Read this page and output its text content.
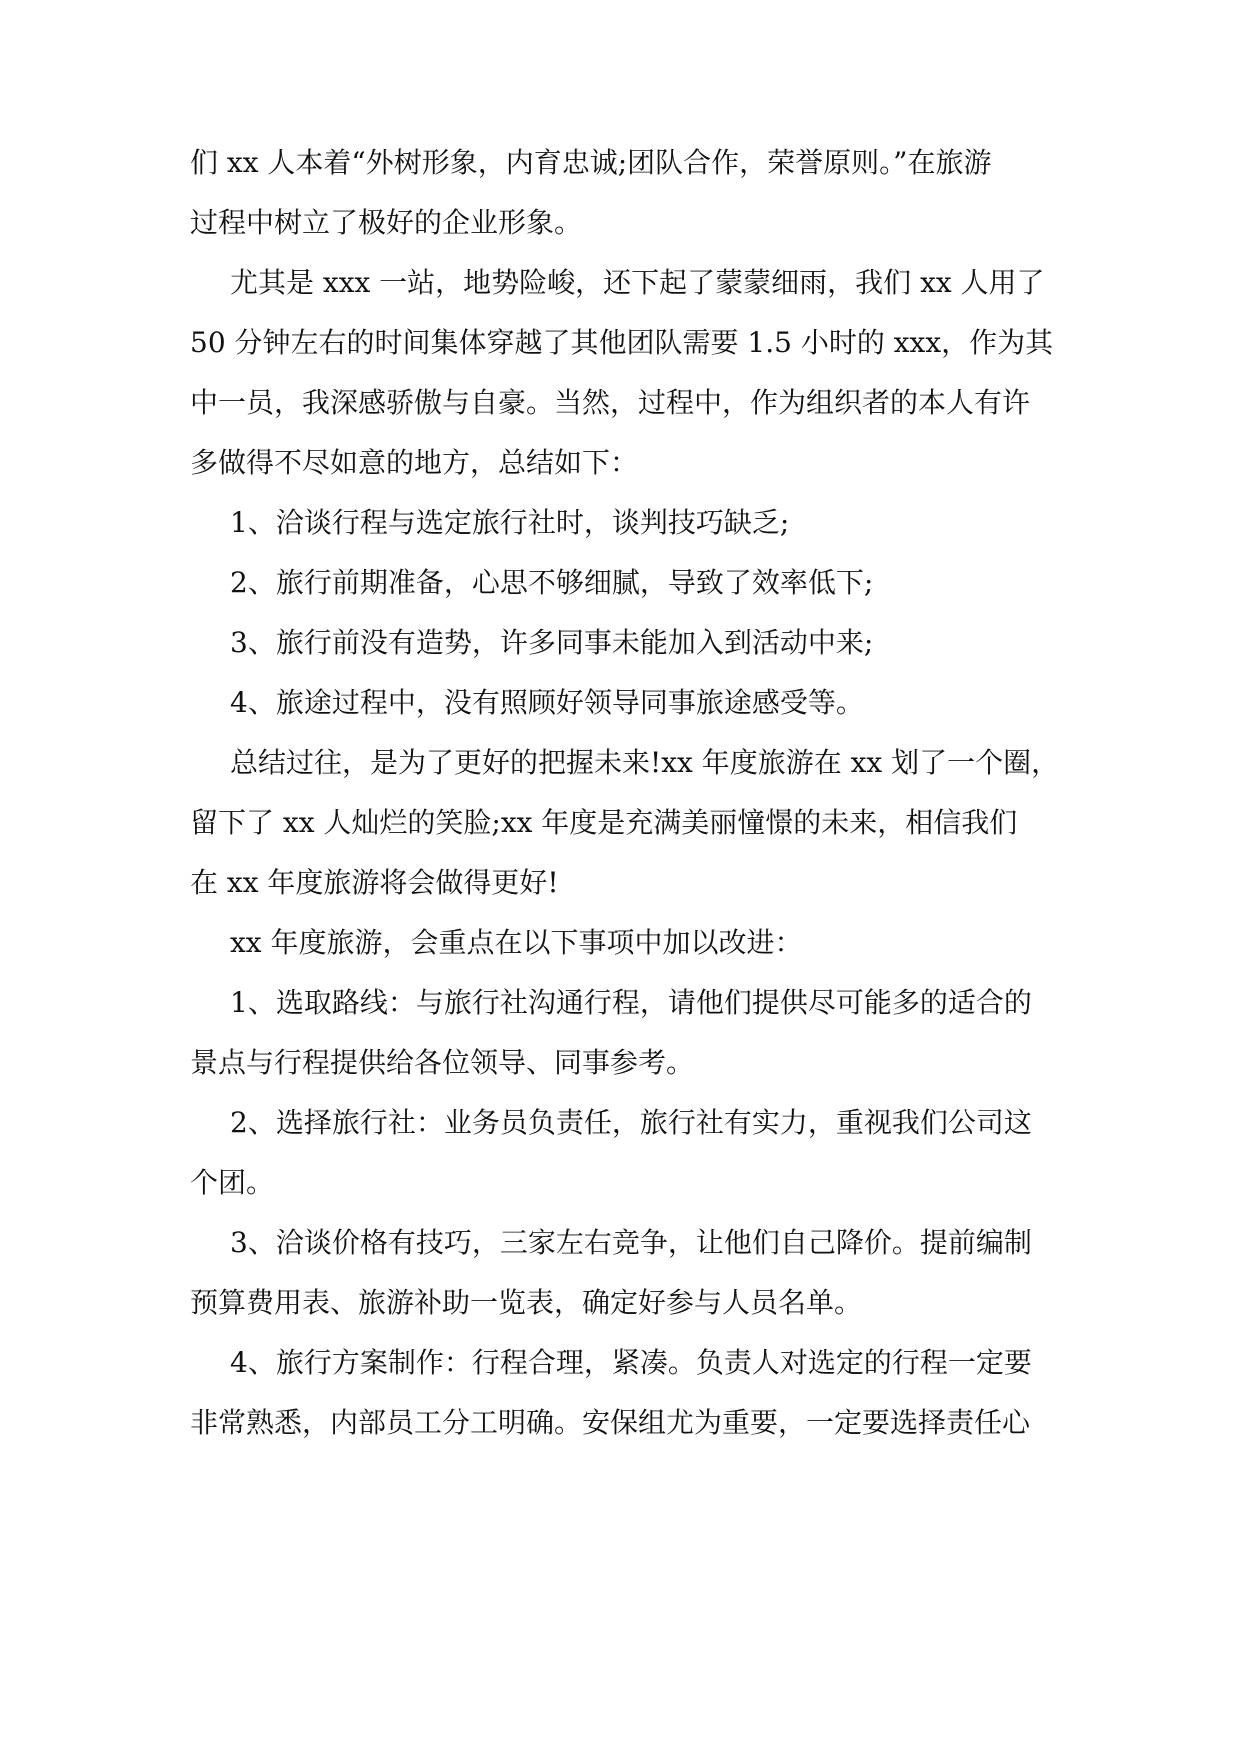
们 xx 人本着“外树形象，内育忠诚;团队合作，荣誉原则。”在旅游
过程中树立了极好的企业形象。
尤其是 xxx 一站，地势险峻，还下起了蒙蒙细雨，我们 xx 人用了
50 分钟左右的时间集体穿越了其他团队需要 1.5 小时的 xxx，作为其
中一员，我深感骄傲与自豪。当然，过程中，作为组织者的本人有许
多做得不尽如意的地方，总结如下：
1、洽谈行程与选定旅行社时，谈判技巧缺乏;
2、旅行前期准备，心思不够细腻，导致了效率低下;
3、旅行前没有造势，许多同事未能加入到活动中来;
4、旅途过程中，没有照顾好领导同事旅途感受等。
总结过往，是为了更好的把握未来!xx 年度旅游在 xx 划了一个圈，
留下了 xx 人灿烂的笑脸;xx 年度是充满美丽憧憬的未来，相信我们
在 xx 年度旅游将会做得更好!
xx 年度旅游，会重点在以下事项中加以改进：
1、选取路线：与旅行社沟通行程，请他们提供尽可能多的适合的
景点与行程提供给各位领导、同事参考。
2、选择旅行社：业务员负责任，旅行社有实力，重视我们公司这
个团。
3、洽谈价格有技巧，三家左右竞争，让他们自己降价。提前编制
预算费用表、旅游补助一览表，确定好参与人员名单。
4、旅行方案制作：行程合理，紧凑。负责人对选定的行程一定要
非常熟悉，内部员工分工明确。安保组尤为重要，一定要选择责任心
